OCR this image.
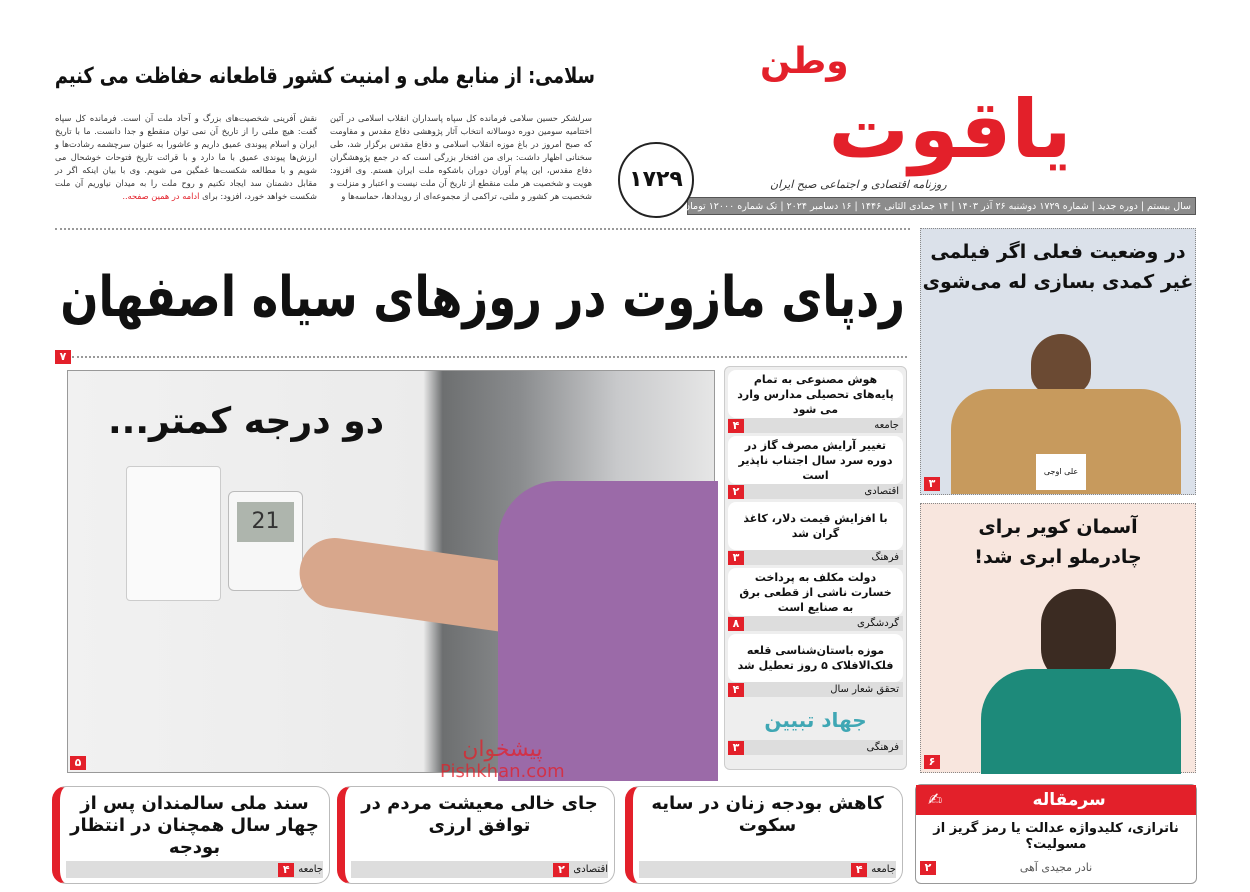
وطن
یاقوت
روزنامه اقتصادی و اجتماعی صبح ایران
سال بیستم | دوره جدید | شماره ۱۷۲۹ دوشنبه ۲۶ آذر ۱۴۰۳ | ۱۴ جمادی الثانی ۱۴۴۶ | ۱۶ دسامبر ۲۰۲۴ | تک شماره ۱۲۰۰۰ تومان
۱۷۲۹
سلامی: از منابع ملی و امنیت کشور قاطعانه حفاظت می کنیم
سرلشکر حسین سلامی فرمانده کل سپاه پاسداران انقلاب اسلامی در آئین اختتامیه سومین دوره دوسالانه انتخاب آثار پژوهشی دفاع مقدس و مقاومت که صبح امروز در باغ موزه انقلاب اسلامی و دفاع مقدس برگزار شد، طی سخنانی اظهار داشت: برای من افتخار بزرگی است که در جمع پژوهشگران دفاع مقدس، این پیام آوران دوران باشکوه ملت ایران هستم. وی افزود: هویت و شخصیت هر ملت منقطع از تاریخ آن ملت نیست و اعتبار و منزلت و شخصیت هر کشور و ملتی، تراکمی از مجموعه‌ای از رویدادها، حماسه‌ها و
نقش آفرینی شخصیت‌های بزرگ و آحاد ملت آن است. فرمانده کل سپاه گفت: هیچ ملتی را از تاریخ آن نمی توان منقطع و جدا دانست. ما با تاریخ ایران و اسلام پیوندی عمیق داریم و عاشورا به عنوان سرچشمه رشادت‌ها و ارزش‌ها پیوندی عمیق با ما دارد و با قرائت تاریخ فتوحات خوشحال می شویم و با مطالعه شکست‌ها غمگین می شویم. وی با بیان اینکه اگر در مقابل دشمنان سد ایجاد نکنیم و روح ملت را به میدان نیاوریم آن ملت شکست خواهد خورد، افزود: برای ادامه در همین صفحه..
ردپای مازوت در روزهای سیاه اصفهان
۷
21
دو درجه کمتر...
۵
هوش مصنوعی به تمام پایه‌های تحصیلی مدارس وارد می شود
۴	جامعه
تغییر آرایش مصرف گاز در دوره سرد سال اجتناب ناپذیر است
۲	اقتصادی
با افزایش قیمت دلار، کاغذ گران شد
۳	فرهنگ
دولت مکلف به پرداخت خسارت ناشی از قطعی برق به صنایع است
۸	گردشگری
موزه باستان‌شناسی قلعه فلک‌الافلاک ۵ روز تعطیل شد
۴	تحقق شعار سال
جهاد تبیین
۳	فرهنگی
در وضعیت فعلی اگر فیلمی غیر کمدی بسازی له می‌شوی
علی اوجی
۳
آسمان کویر برای چادرملو ابری شد!
۶
سند ملی سالمندان پس از چهار سال همچنان در انتظار بودجه
جامعه
۴
جای خالی معیشت مردم در توافق ارزی
اقتصادی
۲
کاهش بودجه زنان در سایه سکوت
جامعه
۴
✍	سرمقاله
ناترازی، کلیدواژه عدالت یا رمز گریز از مسولیت؟
نادر مجیدی آهی
۲
پیشخوان
Pishkhan.com
